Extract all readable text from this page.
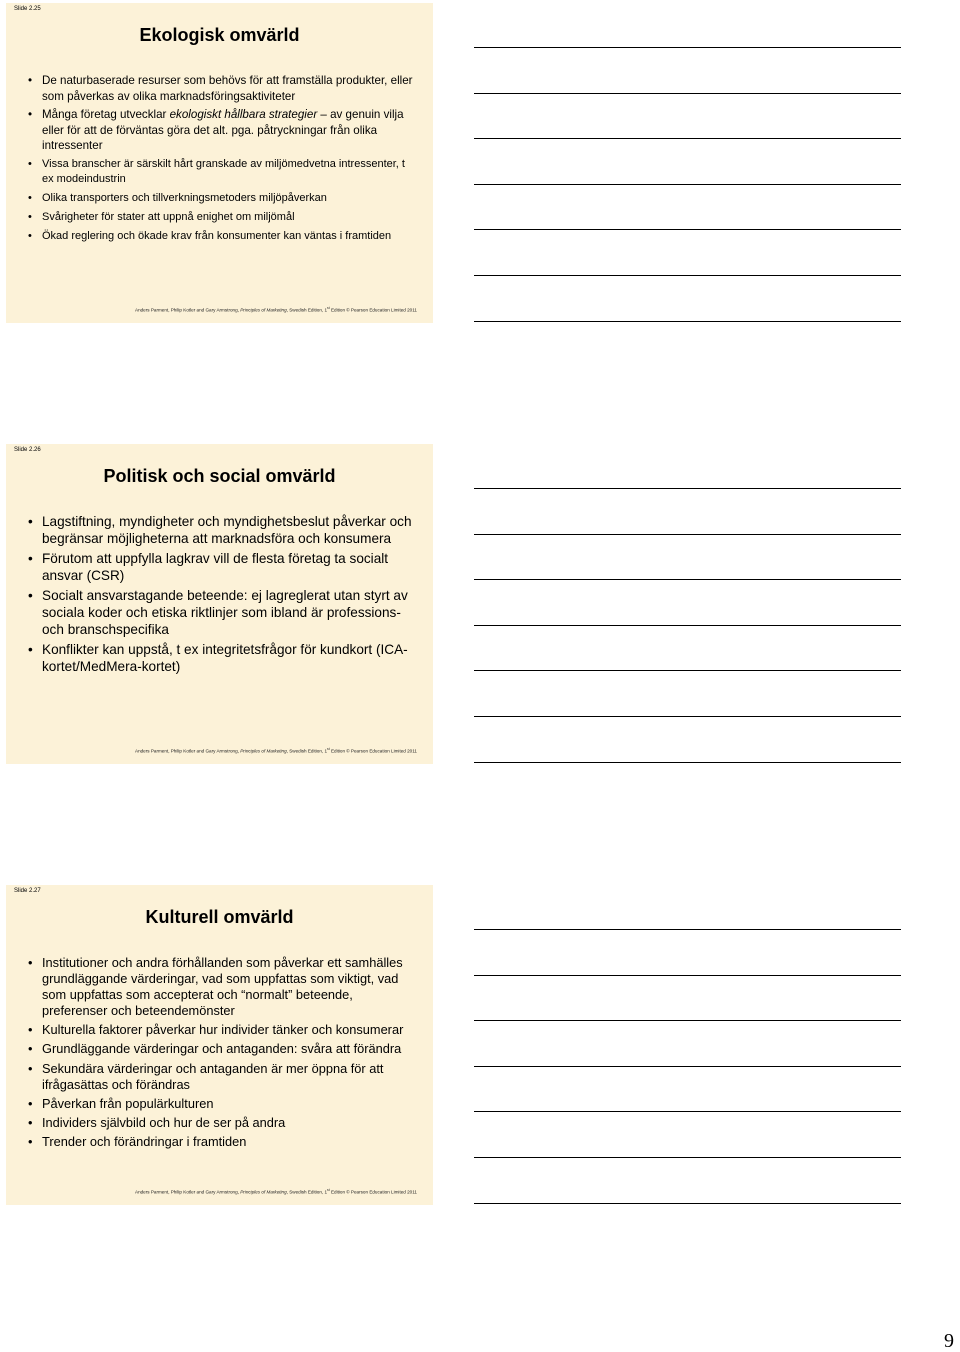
Slide 2.25
Ekologisk omvärld
• De naturbaserade resurser som behövs för att framställa produkter, eller som påverkas av olika marknadsföringsaktiviteter
• Många företag utvecklar ekologiskt hållbara strategier – av genuin vilja eller för att de förväntas göra det alt. pga. påtryckningar från olika intressenter
• Vissa branscher är särskilt hårt granskade av miljömedvetna intressenter, t ex modeindustrin
• Olika transporters och tillverkningsmetoders miljöpåverkan
• Svårigheter för stater att uppnå enighet om miljömål
• Ökad reglering och ökade krav från konsumenter kan väntas i framtiden
Anders Parment, Philip Kotler and Gary Armstrong, Principles of Marketing, Swedish Edition, 1st Edition © Pearson Education Limited 2011
Slide 2.26
Politisk och social omvärld
• Lagstiftning, myndigheter och myndighetsbeslut påverkar och begränsar möjligheterna att marknadsföra och konsumera
• Förutom att uppfylla lagkrav vill de flesta företag ta socialt ansvar (CSR)
• Socialt ansvarstagande beteende: ej lagreglerat utan styrt av sociala koder och etiska riktlinjer som ibland är professions- och branschspecifika
• Konflikter kan uppstå, t ex integritetsfrågor för kundkort (ICA-kortet/MedMera-kortet)
Anders Parment, Philip Kotler and Gary Armstrong, Principles of Marketing, Swedish Edition, 1st Edition © Pearson Education Limited 2011
Slide 2.27
Kulturell omvärld
• Institutioner och andra förhållanden som påverkar ett samhälles grundläggande värderingar, vad som uppfattas som viktigt, vad som uppfattas som accepterat och “normalt” beteende, preferenser och beteendemönster
• Kulturella faktorer påverkar hur individer tänker och konsumerar
• Grundläggande värderingar och antaganden: svåra att förändra
• Sekundära värderingar och antaganden är mer öppna för att ifrågasättas och förändras
• Påverkan från populärkulturen
• Individers självbild och hur de ser på andra
• Trender och förändringar i framtiden
Anders Parment, Philip Kotler and Gary Armstrong, Principles of Marketing, Swedish Edition, 1st Edition © Pearson Education Limited 2011
9
